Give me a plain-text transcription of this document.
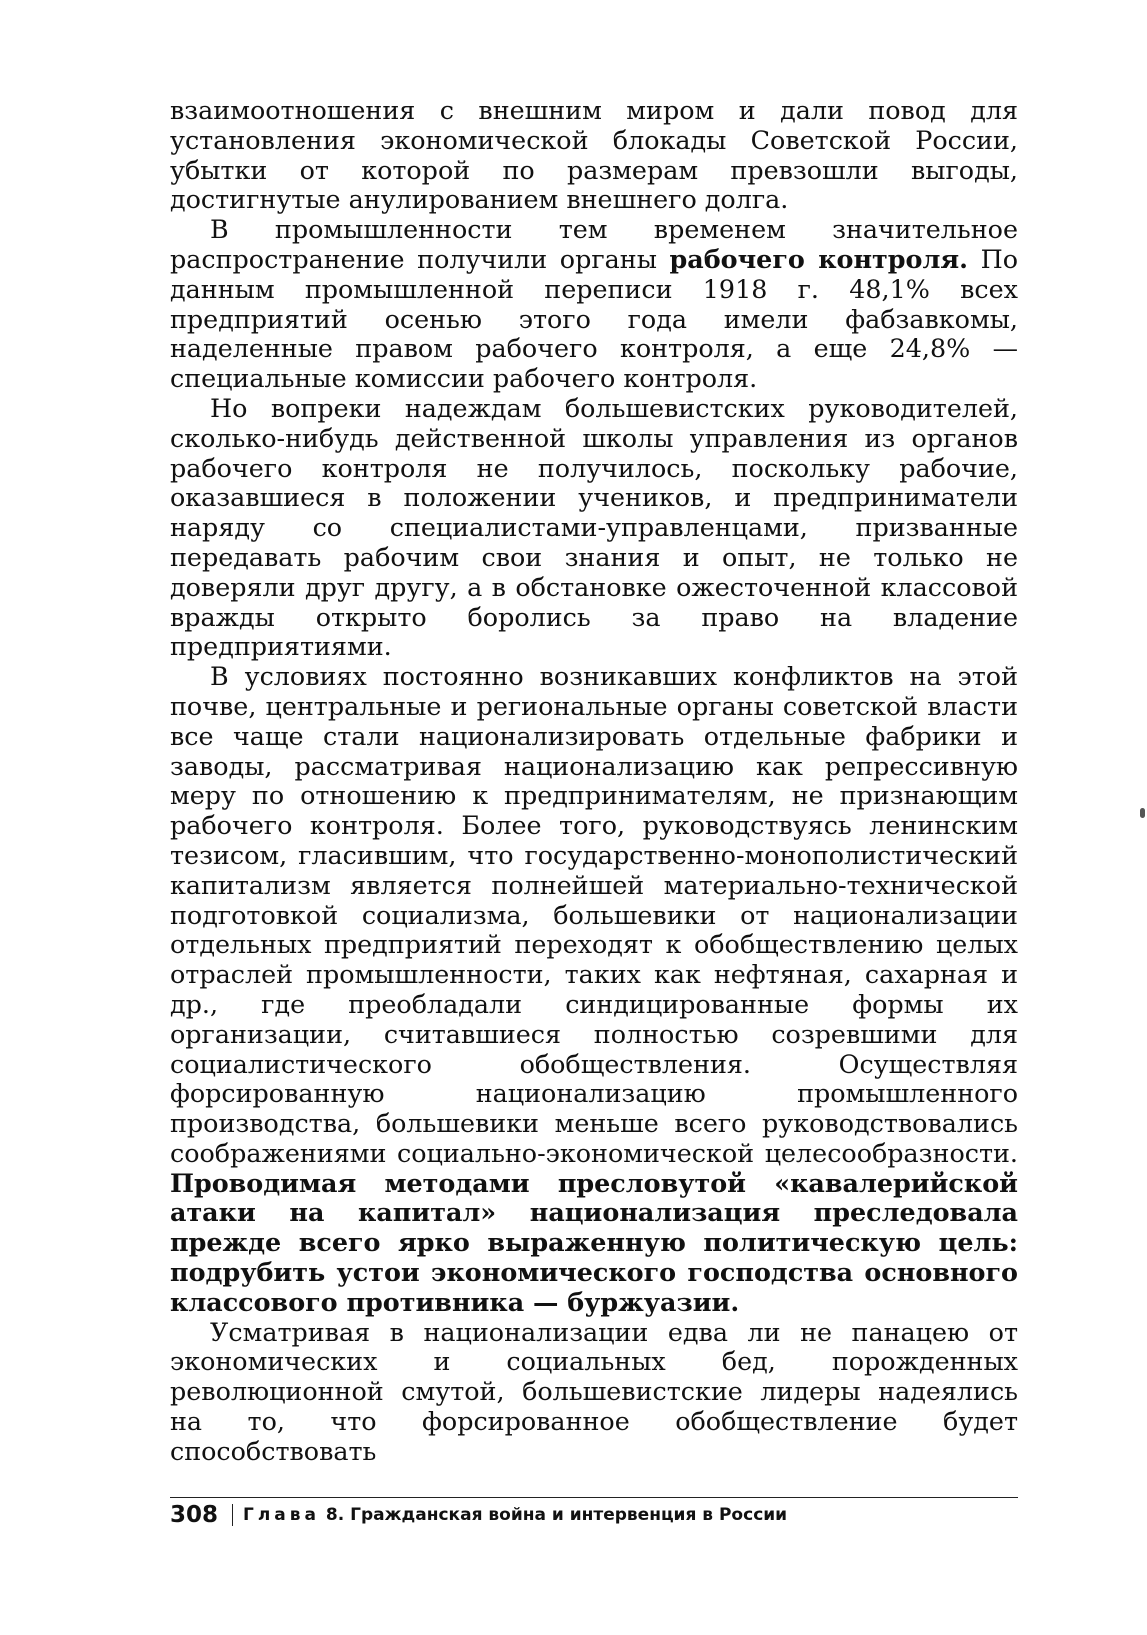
взаимоотношения с внешним миром и дали повод для установления экономической блокады Советской России, убытки от которой по размерам превзошли выгоды, достигнутые анулированием внешнего долга.

В промышленности тем временем значительное распространение получили органы рабочего контроля. По данным промышленной переписи 1918 г. 48,1% всех предприятий осенью этого года имели фабзавкомы, наделенные правом рабочего контроля, а еще 24,8% — специальные комиссии рабочего контроля.

Но вопреки надеждам большевистских руководителей, сколько-нибудь действенной школы управления из органов рабочего контроля не получилось, поскольку рабочие, оказавшиеся в положении учеников, и предприниматели наряду со специалистами-управленцами, призванные передавать рабочим свои знания и опыт, не только не доверяли друг другу, а в обстановке ожесточенной классовой вражды открыто боролись за право на владение предприятиями.

В условиях постоянно возникавших конфликтов на этой почве, центральные и региональные органы советской власти все чаще стали национализировать отдельные фабрики и заводы, рассматривая национализацию как репрессивную меру по отношению к предпринимателям, не признающим рабочего контроля. Более того, руководствуясь ленинским тезисом, гласившим, что государственно-монополистический капитализм является полнейшей материально-технической подготовкой социализма, большевики от национализации отдельных предприятий переходят к обобществлению целых отраслей промышленности, таких как нефтяная, сахарная и др., где преобладали синдицированные формы их организации, считавшиеся полностью созревшими для социалистического обобществления. Осуществляя форсированную национализацию промышленного производства, большевики меньше всего руководствовались соображениями социально-экономической целесообразности. Проводимая методами пресловутой «кавалерийской атаки на капитал» национализация преследовала прежде всего ярко выраженную политическую цель: подрубить устои экономического господства основного классового противника — буржуазии.

Усматривая в национализации едва ли не панацею от экономических и социальных бед, порожденных революционной смутой, большевистские лидеры надеялись на то, что форсированное обобществление будет способствовать

308 Глава 8. Гражданская война и интервенция в России
